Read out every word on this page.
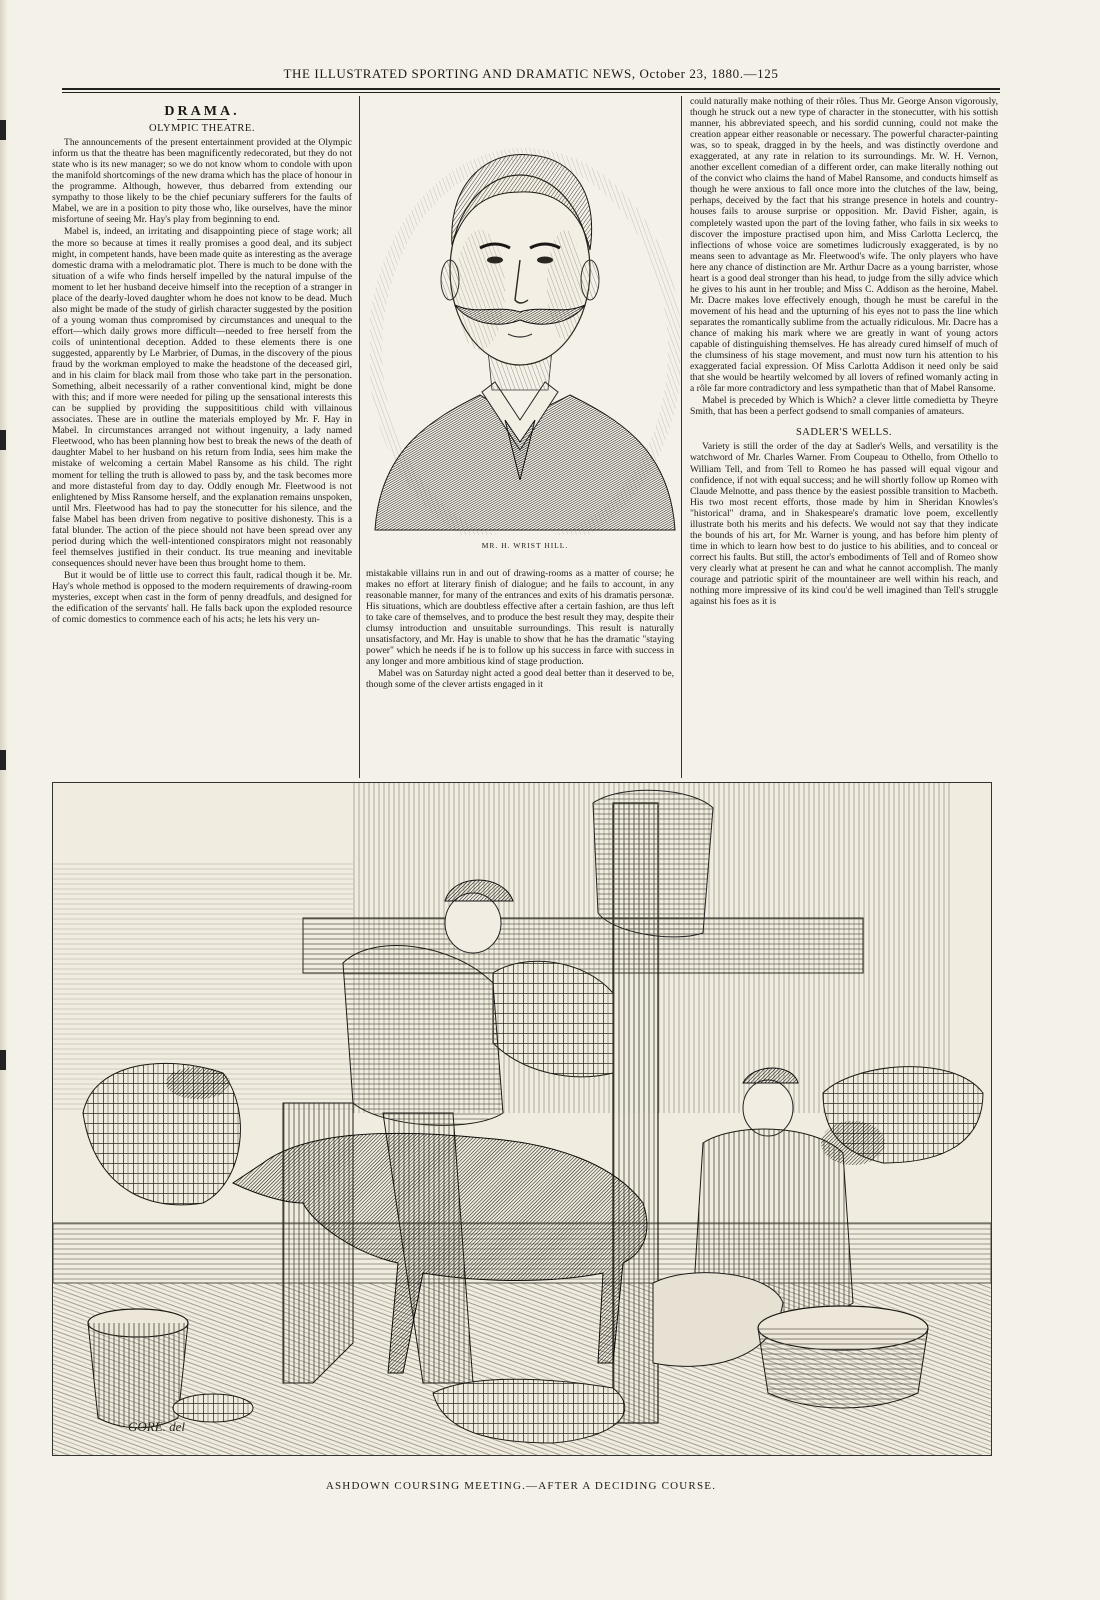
THE ILLUSTRATED SPORTING AND DRAMATIC NEWS, October 23, 1880.—125
DRAMA.
OLYMPIC THEATRE.

The announcements of the present entertainment provided at the Olympic inform us that the theatre has been magnificently redecorated, but they do not state who is its new manager; so we do not know whom to condole with upon the manifold shortcomings of the new drama which has the place of honour in the programme. Although, however, thus debarred from extending our sympathy to those likely to be the chief pecuniary sufferers for the faults of Mabel, we are in a position to pity those who, like ourselves, have the minor misfortune of seeing Mr. Hay's play from beginning to end.

Mabel is, indeed, an irritating and disappointing piece of stage work; all the more so because at times it really promises a good deal, and its subject might, in competent hands, have been made quite as interesting as the average domestic drama with a melodramatic plot. There is much to be done with the situation of a wife who finds herself impelled by the natural impulse of the moment to let her husband deceive himself into the reception of a stranger in place of the dearly-loved daughter whom he does not know to be dead. Much also might be made of the study of girlish character suggested by the position of a young woman thus compromised by circumstances and unequal to the effort—which daily grows more difficult—needed to free herself from the coils of unintentional deception. Added to these elements there is one suggested, apparently by Le Marbrier, of Dumas, in the discovery of the pious fraud by the workman employed to make the headstone of the deceased girl, and in his claim for black mail from those who take part in the personation. Something, albeit necessarily of a rather conventional kind, might be done with this; and if more were needed for piling up the sensational interests this can be supplied by providing the supposititious child with villainous associates. These are in outline the materials employed by Mr. F. Hay in Mabel. In circumstances arranged not without ingenuity, a lady named Fleetwood, who has been planning how best to break the news of the death of daughter Mabel to her husband on his return from India, sees him make the mistake of welcoming a certain Mabel Ransome as his child. The right moment for telling the truth is allowed to pass by, and the task becomes more and more distasteful from day to day. Oddly enough Mr. Fleetwood is not enlightened by Miss Ransome herself, and the explanation remains unspoken, until Mrs. Fleetwood has had to pay the stonecutter for his silence, and the false Mabel has been driven from negative to positive dishonesty. This is a fatal blunder. The action of the piece should not have been spread over any period during which the well-intentioned conspirators might not reasonably feel themselves justified in their conduct. Its true meaning and inevitable consequences should never have been thus brought home to them.

But it would be of little use to correct this fault, radical though it be. Mr. Hay's whole method is opposed to the modern requirements of drawing-room mysteries, except when cast in the form of penny dreadfuls, and designed for the edification of the servants' hall. He falls back upon the exploded resource of comic domestics to commence each of his acts; he lets his very un-

MR. H. WRIST HILL.

mistakable villains run in and out of drawing-rooms as a matter of course; he makes no effort at literary finish of dialogue; and he fails to account, in any reasonable manner, for many of the entrances and exits of his dramatis personæ. His situations, which are doubtless effective after a certain fashion, are thus left to take care of themselves, and to produce the best result they may, despite their clumsy introduction and unsuitable surroundings. This result is naturally unsatisfactory, and Mr. Hay is unable to show that he has the dramatic "staying power" which he needs if he is to follow up his success in farce with success in any longer and more ambitious kind of stage production.

Mabel was on Saturday night acted a good deal better than it deserved to be, though some of the clever artists engaged in it

could naturally make nothing of their rôles. Thus Mr. George Anson vigorously, though he struck out a new type of character in the stonecutter, with his sottish manner, his abbreviated speech, and his sordid cunning, could not make the creation appear either reasonable or necessary. The powerful character-painting was, so to speak, dragged in by the heels, and was distinctly overdone and exaggerated, at any rate in relation to its surroundings. Mr. W. H. Vernon, another excellent comedian of a different order, can make literally nothing out of the convict who claims the hand of Mabel Ransome, and conducts himself as though he were anxious to fall once more into the clutches of the law, being, perhaps, deceived by the fact that his strange presence in hotels and country-houses fails to arouse surprise or opposition. Mr. David Fisher, again, is completely wasted upon the part of the loving father, who fails in six weeks to discover the imposture practised upon him, and Miss Carlotta Leclercq, the inflections of whose voice are sometimes ludicrously exaggerated, is by no means seen to advantage as Mr. Fleetwood's wife. The only players who have here any chance of distinction are Mr. Arthur Dacre as a young barrister, whose heart is a good deal stronger than his head, to judge from the silly advice which he gives to his aunt in her trouble; and Miss C. Addison as the heroine, Mabel. Mr. Dacre makes love effectively enough, though he must be careful in the movement of his head and the upturning of his eyes not to pass the line which separates the romantically sublime from the actually ridiculous. Mr. Dacre has a chance of making his mark where we are greatly in want of young actors capable of distinguishing themselves. He has already cured himself of much of the clumsiness of his stage movement, and must now turn his attention to his exaggerated facial expression. Of Miss Carlotta Addison it need only be said that she would be heartily welcomed by all lovers of refined womanly acting in a rôle far more contradictory and less sympathetic than that of Mabel Ransome.

Mabel is preceded by Which is Which? a clever little comedietta by Theyre Smith, that has been a perfect godsend to small companies of amateurs.

SADLER'S WELLS.

Variety is still the order of the day at Sadler's Wells, and versatility is the watchword of Mr. Charles Warner. From Coupeau to Othello, from Othello to William Tell, and from Tell to Romeo he has passed will equal vigour and confidence, if not with equal success; and he will shortly follow up Romeo with Claude Melnotte, and pass thence by the easiest possible transition to Macbeth. His two most recent efforts, those made by him in Sheridan Knowles's "historical" drama, and in Shakespeare's dramatic love poem, excellently illustrate both his merits and his defects. We would not say that they indicate the bounds of his art, for Mr. Warner is young, and has before him plenty of time in which to learn how best to do justice to his abilities, and to conceal or correct his faults. But still, the actor's embodiments of Tell and of Romeo show very clearly what at present he can and what he cannot accomplish. The manly courage and patriotic spirit of the mountaineer are well within his reach, and nothing more impressive of its kind cou'd be well imagined than Tell's struggle against his foes as it is

GORE. del
ASHDOWN COURSING MEETING.—AFTER A DECIDING COURSE.
